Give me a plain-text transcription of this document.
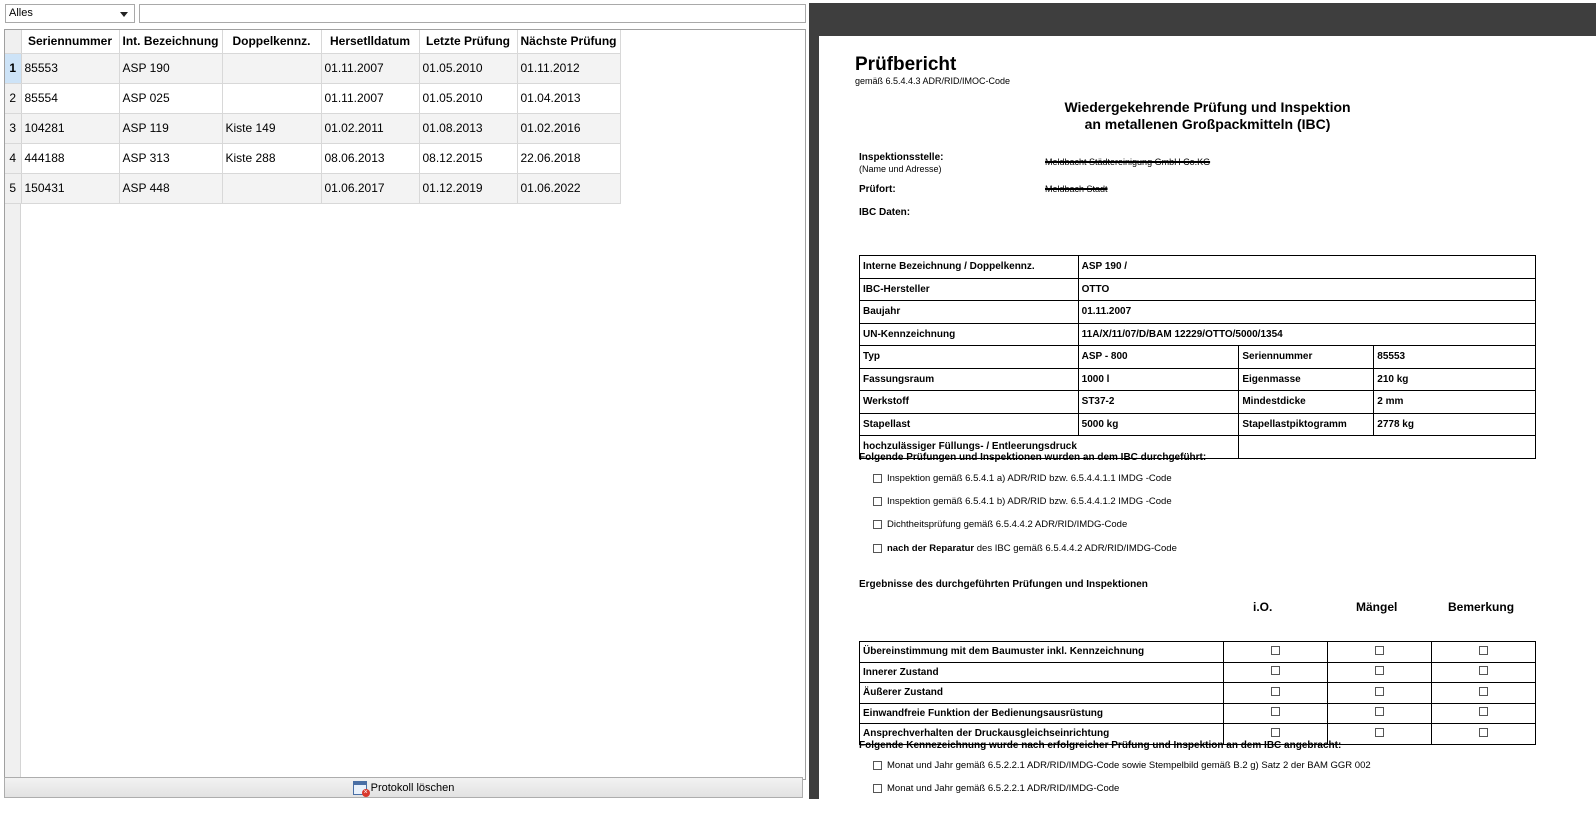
Alles
	Seriennummer	Int. Bezeichnung	Doppelkennz.	Hersetlldatum	Letzte Prüfung	Nächste Prüfung
1	85553	ASP 190		01.11.2007	01.05.2010	01.11.2012
2	85554	ASP 025		01.11.2007	01.05.2010	01.04.2013
3	104281	ASP 119	Kiste 149	01.02.2011	01.08.2013	01.02.2016
4	444188	ASP 313	Kiste 288	08.06.2013	08.12.2015	22.06.2018
5	150431	ASP 448		01.06.2017	01.12.2019	01.06.2022
× Protokoll löschen
Prüfbericht
gemäß 6.5.4.4.3 ADR/RID/IMOC-Code
Wiedergekehrende Prüfung und Inspektion
an metallenen Großpackmitteln (IBC)
Inspektionsstelle:
(Name und Adresse)
Meldbacht Städtereinigung GmbH Co.KG
Prüfort:	Meldbach Stadt
IBC Daten:
Interne Bezeichnung / Doppelkennz.	ASP 190 /		
IBC-Hersteller	OTTO		
Baujahr	01.11.2007		
UN-Kennzeichnung	11A/X/11/07/D/BAM 12229/OTTO/5000/1354		
Typ	ASP - 800	Seriennummer	85553
Fassungsraum	1000 l	Eigenmasse	210 kg
Werkstoff	ST37-2	Mindestdicke	2 mm
Stapellast	5000 kg	Stapellastpiktogramm	2778 kg
hochzulässiger Füllungs- / Entleerungsdruck			
Folgende Prüfungen und Inspektionen wurden an dem IBC durchgeführt:
Inspektion gemäß 6.5.4.1 a) ADR/RID bzw. 6.5.4.4.1.1 IMDG -Code
Inspektion gemäß 6.5.4.1 b) ADR/RID bzw. 6.5.4.4.1.2 IMDG -Code
Dichtheitsprüfung gemäß 6.5.4.4.2 ADR/RID/IMDG-Code
nach der Reparatur des IBC gemäß 6.5.4.4.2 ADR/RID/IMDG-Code
Ergebnisse des durchgeführten Prüfungen und Inspektionen
i.O.	Mängel	Bemerkung
Übereinstimmung mit dem Baumuster inkl. Kennzeichnung			
Innerer Zustand			
Äußerer Zustand			
Einwandfreie Funktion der Bedienungsausrüstung			
Ansprechverhalten der Druckausgleichseinrichtung			
Folgende Kennezeichnung wurde nach erfolgreicher Prüfung und Inspektion an dem IBC angebracht:
Monat und Jahr gemäß 6.5.2.2.1 ADR/RID/IMDG-Code sowie Stempelbild gemäß B.2 g) Satz 2 der BAM GGR 002
Monat und Jahr gemäß 6.5.2.2.1 ADR/RID/IMDG-Code
